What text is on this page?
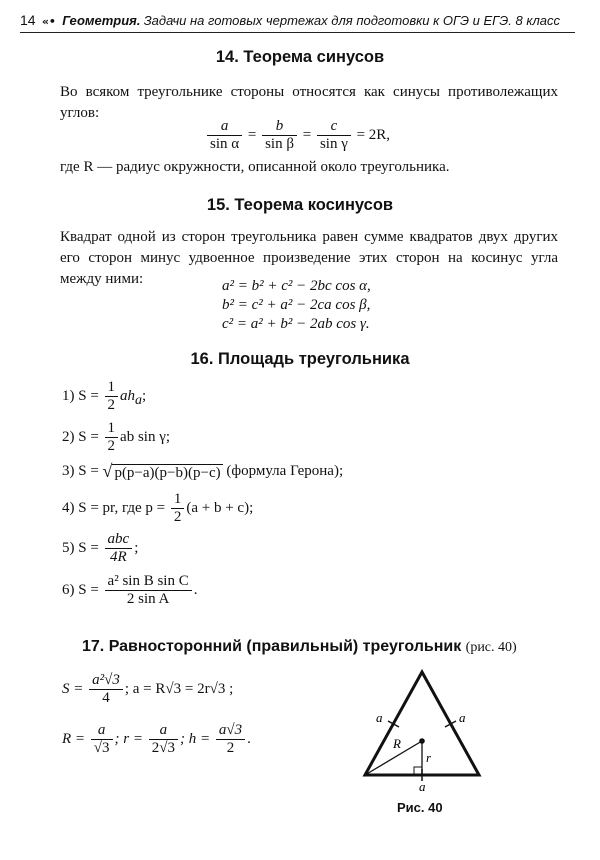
14 «• Геометрия. Задачи на готовых чертежах для подготовки к ОГЭ и ЕГЭ. 8 класс
14. Теорема синусов
Во всяком треугольнике стороны относятся как синусы противолежащих углов:
$\frac{a}{\text{sin α}} = \frac{b}{\text{sin β}} = \frac{c}{\text{sin γ}} = 2R$,
где R — радиус окружности, описанной около треугольника.
15. Теорема косинусов
Квадрат одной из сторон треугольника равен сумме квадратов двух других его сторон минус удвоенное произведение этих сторон на косинус угла между ними:	a² = b² + c² − 2bc cos α,
b² = c² + a² − 2ca cos β,
c² = a² + b² − 2ab cos γ.
16. Площадь треугольника
1) $S = \frac{1}{2} ah_a$;
2) $S = \frac{1}{2}$ ab sin γ;
3) S = √ p(p−a)(p−b)(p−c) (формула Герона);
4) S = pr, где $p = \frac{1}{2} (a + b + c)$;
5) $S = \frac{\text{abc}}{4R}$ ;
6) $S = \frac{\text{a² sin B sin C}}{\text{2 sin A}}$ .
17. Равносторонний (правильный) треугольник (рис. 40)
$S = \frac{\text{a²√3}}{4}$ ; a = R√3 = 2r√3 ;
$R = \frac{a}{√3}$ ; $r = \frac{a}{2√3}$ ; $h = \frac{a√3}{2}$ .
a	a
a
R
r
Рис. 40
